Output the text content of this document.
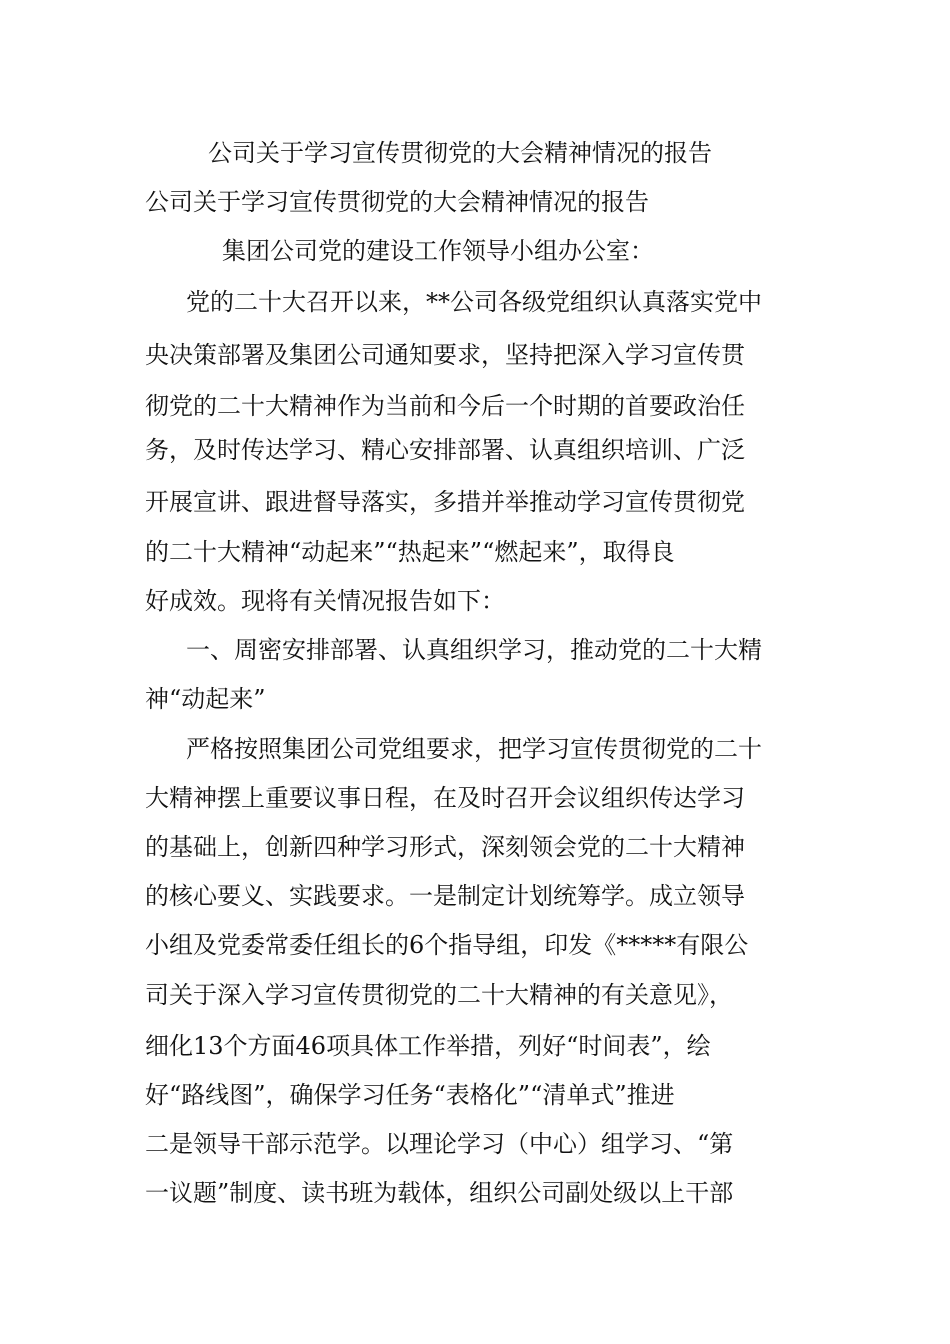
公司关于学习宣传贯彻党的大会精神情况的报告
公司关于学习宣传贯彻党的大会精神情况的报告
集团公司党的建设工作领导小组办公室：
党的二十大召开以来，**公司各级党组织认真落实党中
央决策部署及集团公司通知要求，坚持把深入学习宣传贯
彻党的二十大精神作为当前和今后一个时期的首要政治任
务，及时传达学习、精心安排部署、认真组织培训、广泛
开展宣讲、跟进督导落实，多措并举推动学习宣传贯彻党
的二十大精神“动起来”“热起来”“燃起来”，取得良
好成效。现将有关情况报告如下：
一、周密安排部署、认真组织学习，推动党的二十大精
神“动起来”
严格按照集团公司党组要求，把学习宣传贯彻党的二十
大精神摆上重要议事日程，在及时召开会议组织传达学习
的基础上，创新四种学习形式，深刻领会党的二十大精神
的核心要义、实践要求。一是制定计划统筹学。成立领导
小组及党委常委任组长的6个指导组，印发《*****有限公
司关于深入学习宣传贯彻党的二十大精神的有关意见》，
细化13个方面46项具体工作举措，列好“时间表”，绘
好“路线图”，确保学习任务“表格化”“清单式”推进
二是领导干部示范学。以理论学习（中心）组学习、“第
一议题”制度、读书班为载体，组织公司副处级以上干部
